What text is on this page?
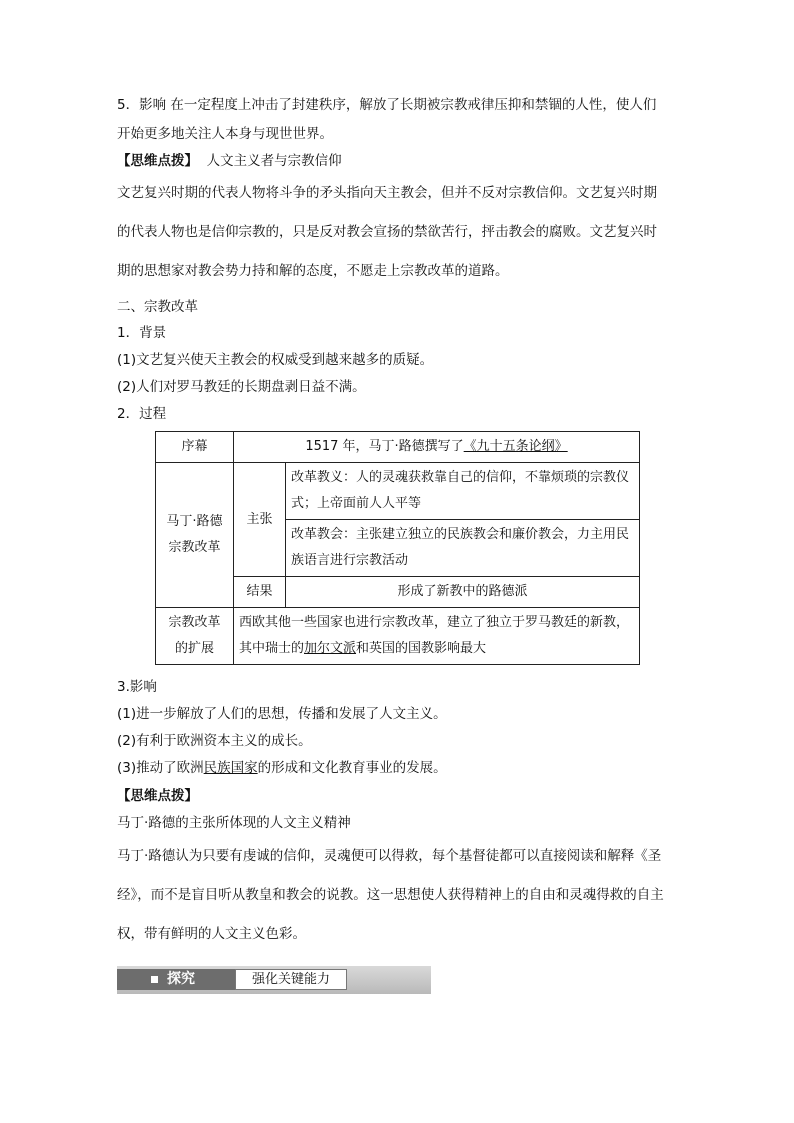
5．影响 在一定程度上冲击了封建秩序，解放了长期被宗教戒律压抑和禁锢的人性，使人们
开始更多地关注人本身与现世世界。
【思维点拨】 人文主义者与宗教信仰
文艺复兴时期的代表人物将斗争的矛头指向天主教会，但并不反对宗教信仰。文艺复兴时期
的代表人物也是信仰宗教的，只是反对教会宣扬的禁欲苦行，抨击教会的腐败。文艺复兴时
期的思想家对教会势力持和解的态度，不愿走上宗教改革的道路。
二、宗教改革
1．背景
(1)文艺复兴使天主教会的权威受到越来越多的质疑。
(2)人们对罗马教廷的长期盘剥日益不满。
2．过程
序幕	1517 年，马丁·路德撰写了《九十五条论纲》	

马丁·路德
宗教改革	主张	改革教义：人的灵魂获救靠自己的信仰，不靠烦琐的宗教仪式；上帝面前人人平等
		改革教会：主张建立独立的民族教会和廉价教会，力主用民族语言进行宗教活动
	结果	形成了新教中的路德派

宗教改革
的扩展	西欧其他一些国家也进行宗教改革，建立了独立于罗马教廷的新教，其中瑞士的加尔文派和英国的国教影响最大	
3.影响
(1)进一步解放了人们的思想，传播和发展了人文主义。
(2)有利于欧洲资本主义的成长。
(3)推动了欧洲民族国家的形成和文化教育事业的发展。
【思维点拨】
马丁·路德的主张所体现的人文主义精神
马丁·路德认为只要有虔诚的信仰，灵魂便可以得救，每个基督徒都可以直接阅读和解释《圣
经》，而不是盲目听从教皇和教会的说教。这一思想使人获得精神上的自由和灵魂得救的自主
权，带有鲜明的人文主义色彩。
探究	强化关键能力
